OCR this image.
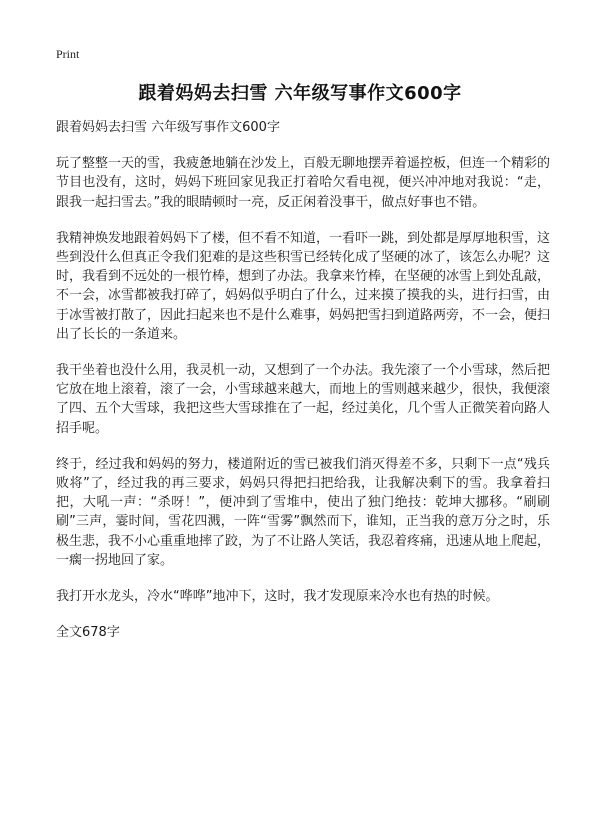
Print
跟着妈妈去扫雪 六年级写事作文600字

跟着妈妈去扫雪 六年级写事作文600字

玩了整整一天的雪，我疲惫地躺在沙发上，百般无聊地摆弄着遥控板，但连一个精彩的节目也没有，这时，妈妈下班回家见我正打着哈欠看电视，便兴冲冲地对我说：“走，跟我一起扫雪去。”我的眼睛顿时一亮，反正闲着没事干，做点好事也不错。

我精神焕发地跟着妈妈下了楼，但不看不知道，一看吓一跳，到处都是厚厚地积雪，这些到没什么但真正令我们犯难的是这些积雪已经转化成了坚硬的冰了，该怎么办呢？这时，我看到不远处的一根竹棒，想到了办法。我拿来竹棒，在坚硬的冰雪上到处乱敲，不一会，冰雪都被我打碎了，妈妈似乎明白了什么，过来摸了摸我的头，进行扫雪，由于冰雪被打散了，因此扫起来也不是什么难事，妈妈把雪扫到道路两旁，不一会，便扫出了长长的一条道来。

我干坐着也没什么用，我灵机一动，又想到了一个办法。我先滚了一个小雪球，然后把它放在地上滚着，滚了一会，小雪球越来越大，而地上的雪则越来越少，很快，我便滚了四、五个大雪球，我把这些大雪球推在了一起，经过美化，几个雪人正微笑着向路人招手呢。

终于，经过我和妈妈的努力，楼道附近的雪已被我们消灭得差不多，只剩下一点“残兵败将”了，经过我的再三要求，妈妈只得把扫把给我，让我解决剩下的雪。我拿着扫把，大吼一声：“杀呀！”，便冲到了雪堆中，使出了独门绝技：乾坤大挪移。“刷刷刷”三声，霎时间，雪花四溅，一阵“雪雾”飘然而下，谁知，正当我的意万分之时，乐极生悲，我不小心重重地摔了跤，为了不让路人笑话，我忍着疼痛，迅速从地上爬起，一瘸一拐地回了家。

我打开水龙头，冷水“哗哗”地冲下，这时，我才发现原来冷水也有热的时候。

全文678字
